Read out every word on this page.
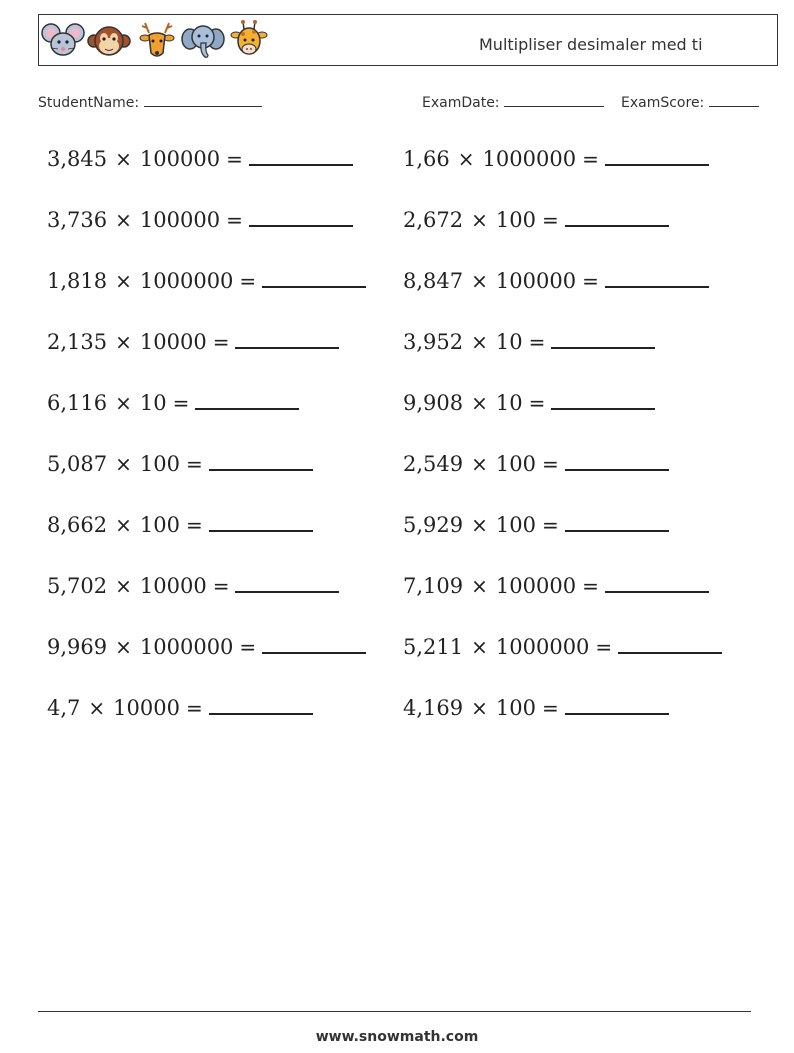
Multipliser desimaler med ti
StudentName:	ExamDate:	ExamScore:
3,845 × 100000 =	1,66 × 1000000 =
3,736 × 100000 =	2,672 × 100 =
1,818 × 1000000 =	8,847 × 100000 =
2,135 × 10000 =	3,952 × 10 =
6,116 × 10 =	9,908 × 10 =
5,087 × 100 =	2,549 × 100 =
8,662 × 100 =	5,929 × 100 =
5,702 × 10000 =	7,109 × 100000 =
9,969 × 1000000 =	5,211 × 1000000 =
4,7 × 10000 =	4,169 × 100 =
www.snowmath.com
